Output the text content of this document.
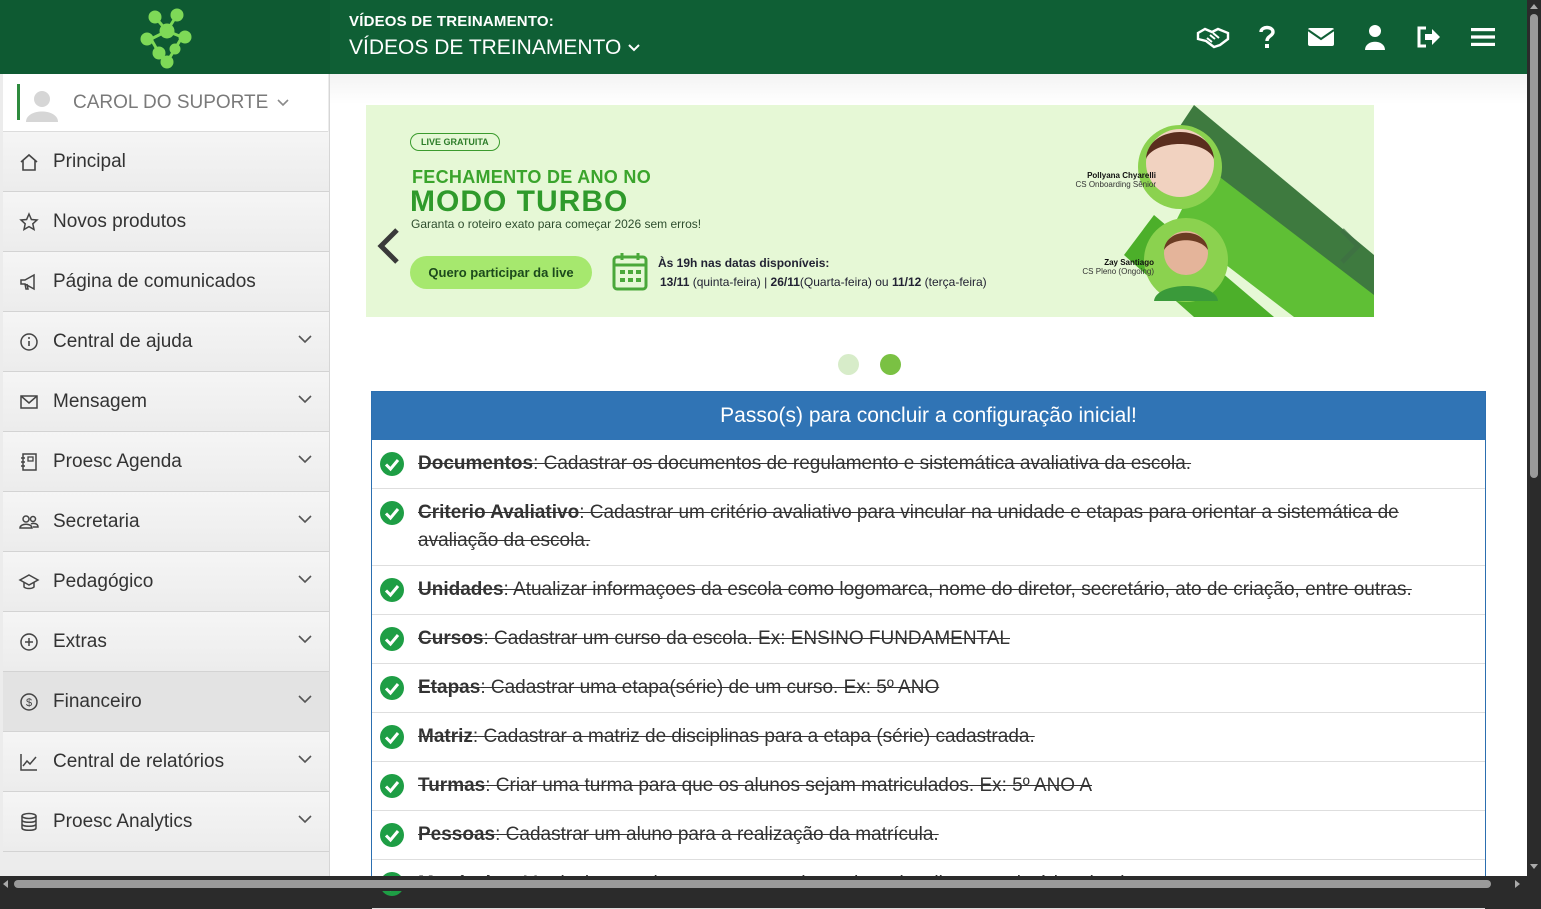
VÍDEOS DE TREINAMENTO:
VÍDEOS DE TREINAMENTO
CAROL DO SUPORTE
Principal
Novos produtos
Página de comunicados
Central de ajuda
Mensagem
Proesc Agenda
Secretaria
Pedagógico
Extras
$ Financeiro
Central de relatórios
Proesc Analytics
LIVE GRATUITA
FECHAMENTO DE ANO NO
MODO TURBO
Garanta o roteiro exato para começar 2026 sem erros!
Quero participar da live
Às 19h nas datas disponíveis:
13/11 (quinta-feira) | 26/11(Quarta-feira) ou 11/12 (terça-feira)
Pollyana Chyarelli
CS Onboarding Sênior
Zay Santiago
CS Pleno (Ongoing)
Passo(s) para concluir a configuração inicial!
Documentos: Cadastrar os documentos de regulamento e sistemática avaliativa da escola.
Criterio Avaliativo: Cadastrar um critério avaliativo para vincular na unidade e etapas para orientar a sistemática de avaliação da escola.
Unidades: Atualizar informaçoes da escola como logomarca, nome do diretor, secretário, ato de criação, entre outras.
Cursos: Cadastrar um curso da escola. Ex: ENSINO FUNDAMENTAL
Etapas: Cadastrar uma etapa(série) de um curso. Ex: 5º ANO
Matriz: Cadastrar a matriz de disciplinas para a etapa (série) cadastrada.
Turmas: Criar uma turma para que os alunos sejam matriculados. Ex: 5º ANO A
Pessoas: Cadastrar um aluno para a realização da matrícula.
